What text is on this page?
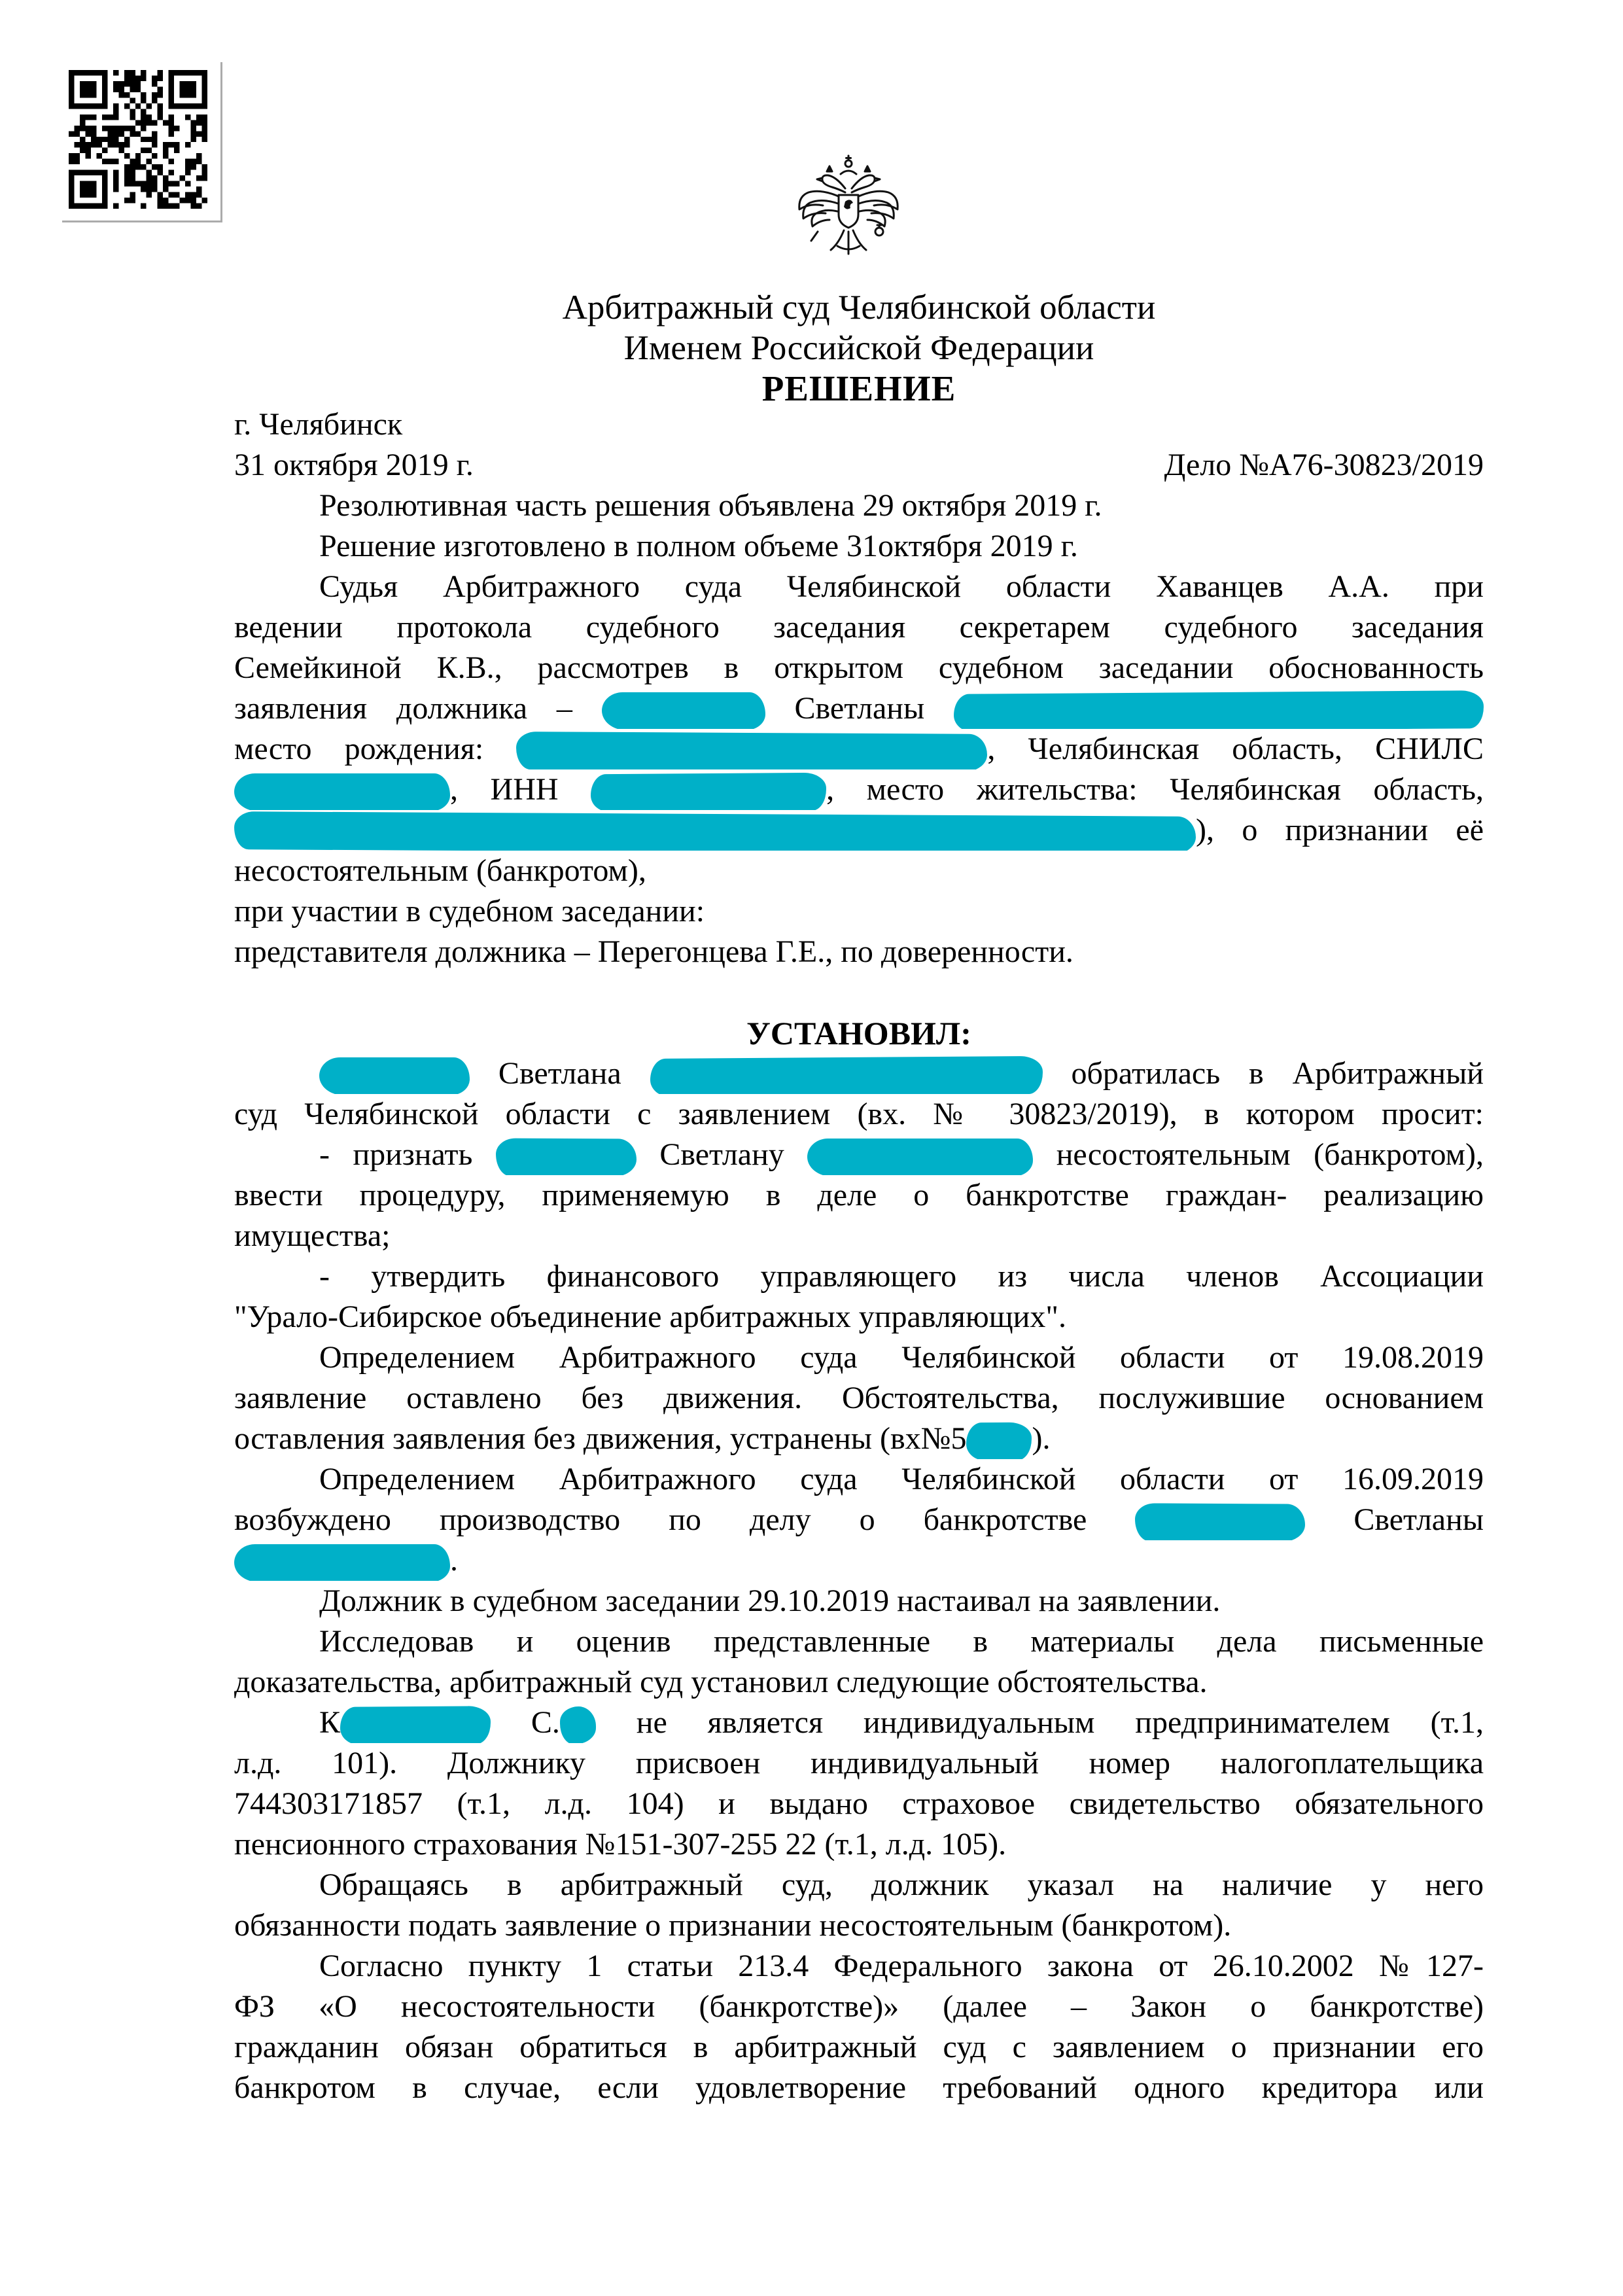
Арбитражный суд Челябинской области
Именем Российской Федерации
РЕШЕНИЕ
г. Челябинск
31 октября 2019 г.	Дело №А76-30823/2019
Резолютивная часть решения объявлена 29 октября 2019 г.
Решение изготовлено в полном объеме 31октября 2019 г.
Судья Арбитражного суда Челябинской области Хаванцев А.А. при
ведении протокола судебного заседания секретарем судебного заседания
Семейкиной К.В., рассмотрев в открытом судебном заседании обоснованность
заявления должника –	Светланы
место рождения:	, Челябинская область, СНИЛС
, ИНН	, место жительства: Челябинская область,
), о признании её
несостоятельным (банкротом),
при участии в судебном заседании:
представителя должника – Перегонцева Г.Е., по доверенности.
УСТАНОВИЛ:
Светлана	обратилась в Арбитражный
суд Челябинской области с заявлением (вх. № 30823/2019), в котором просит:
- признать	Светлану	несостоятельным (банкротом),
ввести процедуру, применяемую в деле о банкротстве граждан- реализацию
имущества;
- утвердить финансового управляющего из числа членов Ассоциации
"Урало-Сибирское объединение арбитражных управляющих".
Определением Арбитражного суда Челябинской области от 19.08.2019
заявление оставлено без движения. Обстоятельства, послужившие основанием
оставления заявления без движения, устранены (вх№5 ).
Определением Арбитражного суда Челябинской области от 16.09.2019
возбуждено производство по делу о банкротстве	Светланы
.
Должник в судебном заседании 29.10.2019 настаивал на заявлении.
Исследовав и оценив представленные в материалы дела письменные
доказательства, арбитражный суд установил следующие обстоятельства.
К	С. не является индивидуальным предпринимателем (т.1,
л.д. 101). Должнику присвоен индивидуальный номер налогоплательщика
744303171857 (т.1, л.д. 104) и выдано страховое свидетельство обязательного
пенсионного страхования №151-307-255 22 (т.1, л.д. 105).
Обращаясь в арбитражный суд, должник указал на наличие у него
обязанности подать заявление о признании несостоятельным (банкротом).
Согласно пункту 1 статьи 213.4 Федерального закона от 26.10.2002 №127-
ФЗ «О несостоятельности (банкротстве)» (далее – Закон о банкротстве)
гражданин обязан обратиться в арбитражный суд с заявлением о признании его
банкротом в случае, если удовлетворение требований одного кредитора или
